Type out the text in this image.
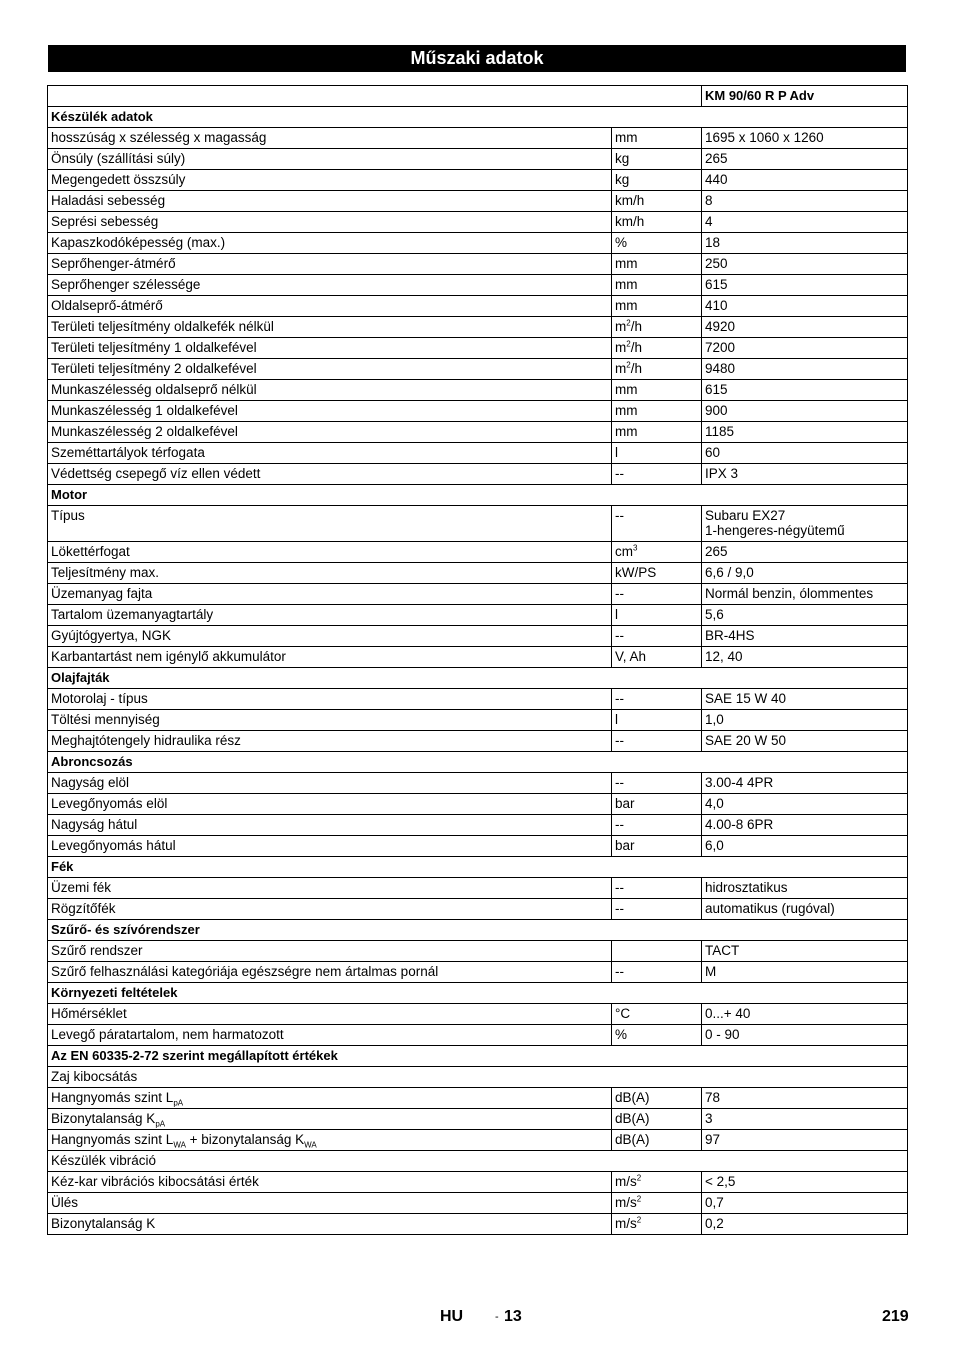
Műszaki adatok
		KM 90/60 R P Adv
Készülék adatok		
hosszúság x szélesség x magasság	mm	1695 x 1060 x 1260

Önsúly (szállítási súly)	kg	265

Megengedett összsúly	kg	440

Haladási sebesség	km/h	8

Seprési sebesség	km/h	4

Kapaszkodóképesség (max.)	%	18

Seprőhenger-átmérő	mm	250

Seprőhenger szélessége	mm	615

Oldalseprő-átmérő	mm	410

Területi teljesítmény oldalkefék nélkül	$m^2/h$	4920

Területi teljesítmény 1 oldalkefével	$m^2/h$	7200

Területi teljesítmény 2 oldalkefével	$m^2/h$	9480

Munkaszélesség oldalseprő nélkül	mm	615

Munkaszélesség 1 oldalkefével	mm	900

Munkaszélesség 2 oldalkefével	mm	1185

Szeméttartályok térfogata	l	60

Védettség csepegő víz ellen védett	--	IPX 3

Motor		
Típus	--	Subaru EX27
1-hengeres-négyütemű

Lökettérfogat	$cm^3$	265

Teljesítmény max.	kW/PS	6,6 / 9,0

Üzemanyag fajta	--	Normál benzin, ólommentes

Tartalom üzemanyagtartály	l	5,6

Gyújtógyertya, NGK	--	BR-4HS

Karbantartást nem igénylő akkumulátor	V, Ah	12, 40

Olajfajták		
Motorolaj - típus	--	SAE 15 W 40

Töltési mennyiség	l	1,0

Meghajtótengely hidraulika rész	--	SAE 20 W 50

Abroncsozás		
Nagyság elöl	--	3.00-4 4PR

Levegőnyomás elöl	bar	4,0

Nagyság hátul	--	4.00-8 6PR

Levegőnyomás hátul	bar	6,0

Fék		
Üzemi fék	--	hidrosztatikus

Rögzítőfék	--	automatikus (rugóval)

Szűrő- és szívórendszer		
Szűrő rendszer		TACT

Szűrő felhasználási kategóriája egészségre nem ártalmas pornál	--	M

Környezeti feltételek		
Hőmérséklet	°C	0...+ 40

Levegő páratartalom, nem harmatozott	%	0 - 90

Az EN 60335-2-72 szerint megállapított értékek		
Zaj kibocsátás		
Hangnyomás szint $L_{pA}$	dB(A)	78

Bizonytalanság $K_{pA}$	dB(A)	3

Hangnyomás szint $L_{WA}$ + bizonytalanság $K_{WA}$	dB(A)	97

Készülék vibráció		
Kéz-kar vibrációs kibocsátási érték	$m/s^2$	< 2,5

Ülés	$m/s^2$	0,7

Bizonytalanság K	$m/s^2$	0,2
HU	- 13	219
